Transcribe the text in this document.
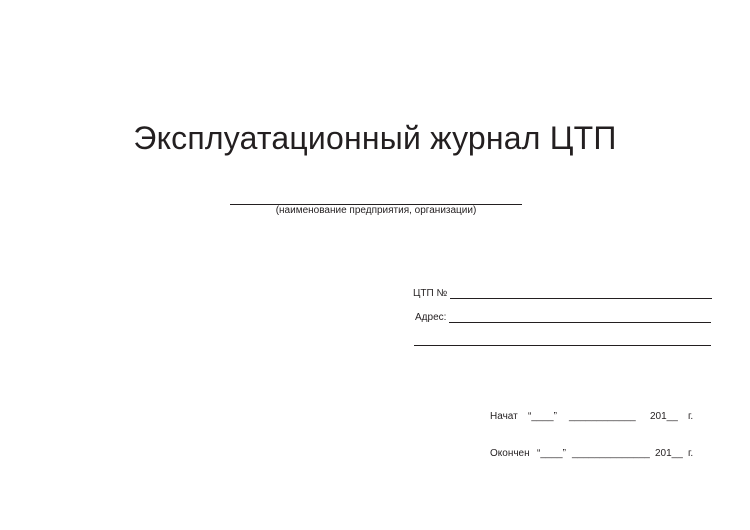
Эксплуатационный журнал ЦТП
(наименование предприятия, организации)
ЦТП №
Адрес:
Начат “____” ____________ 201__ г.
Окончен “____” ______________ 201__ г.
